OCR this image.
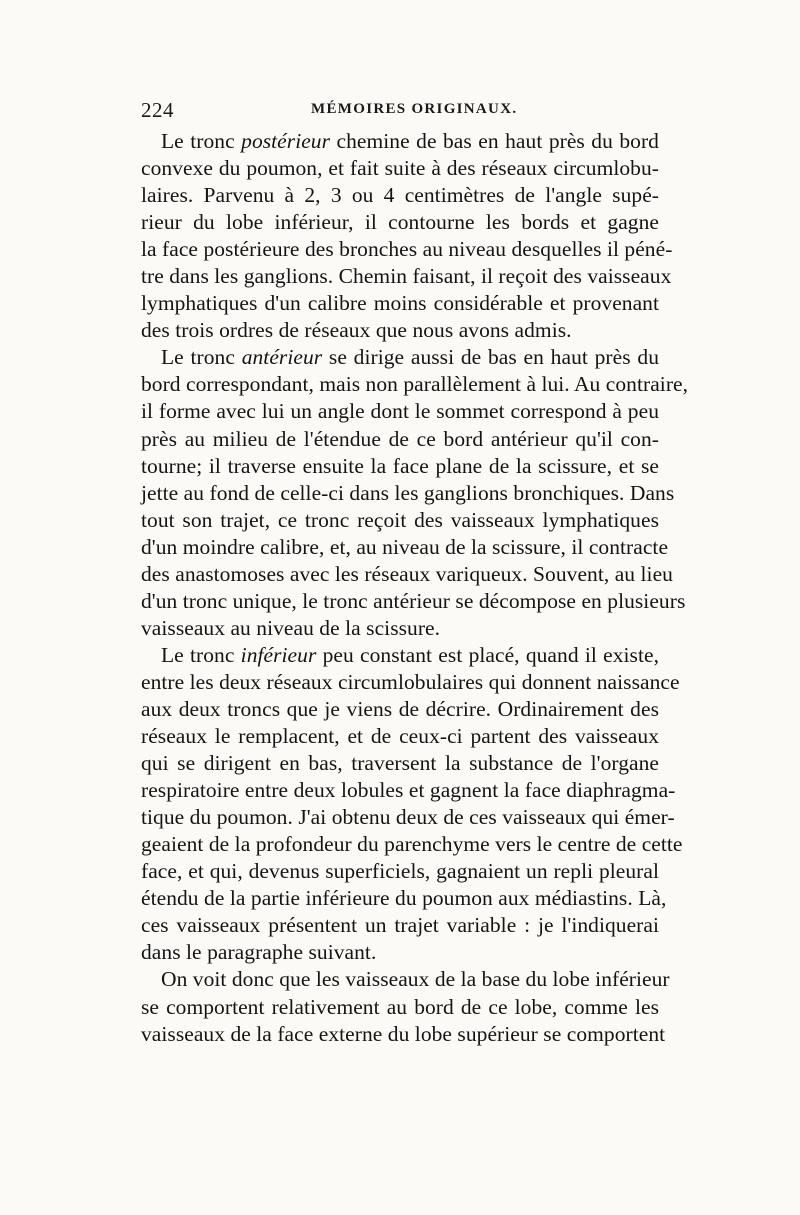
224	MÉMOIRES ORIGINAUX.
Le tronc postérieur chemine de bas en haut près du bord
convexe du poumon, et fait suite à des réseaux circumlobu-
laires. Parvenu à 2, 3 ou 4 centimètres de l'angle supé-
rieur du lobe inférieur, il contourne les bords et gagne
la face postérieure des bronches au niveau desquelles il péné-
tre dans les ganglions. Chemin faisant, il reçoit des vaisseaux
lymphatiques d'un calibre moins considérable et provenant
des trois ordres de réseaux que nous avons admis.
Le tronc antérieur se dirige aussi de bas en haut près du
bord correspondant, mais non parallèlement à lui. Au contraire,
il forme avec lui un angle dont le sommet correspond à peu
près au milieu de l'étendue de ce bord antérieur qu'il con-
tourne; il traverse ensuite la face plane de la scissure, et se
jette au fond de celle-ci dans les ganglions bronchiques. Dans
tout son trajet, ce tronc reçoit des vaisseaux lymphatiques
d'un moindre calibre, et, au niveau de la scissure, il contracte
des anastomoses avec les réseaux variqueux. Souvent, au lieu
d'un tronc unique, le tronc antérieur se décompose en plusieurs
vaisseaux au niveau de la scissure.
Le tronc inférieur peu constant est placé, quand il existe,
entre les deux réseaux circumlobulaires qui donnent naissance
aux deux troncs que je viens de décrire. Ordinairement des
réseaux le remplacent, et de ceux-ci partent des vaisseaux
qui se dirigent en bas, traversent la substance de l'organe
respiratoire entre deux lobules et gagnent la face diaphragma-
tique du poumon. J'ai obtenu deux de ces vaisseaux qui émer-
geaient de la profondeur du parenchyme vers le centre de cette
face, et qui, devenus superficiels, gagnaient un repli pleural
étendu de la partie inférieure du poumon aux médiastins. Là,
ces vaisseaux présentent un trajet variable : je l'indiquerai
dans le paragraphe suivant.
On voit donc que les vaisseaux de la base du lobe inférieur
se comportent relativement au bord de ce lobe, comme les
vaisseaux de la face externe du lobe supérieur se comportent
